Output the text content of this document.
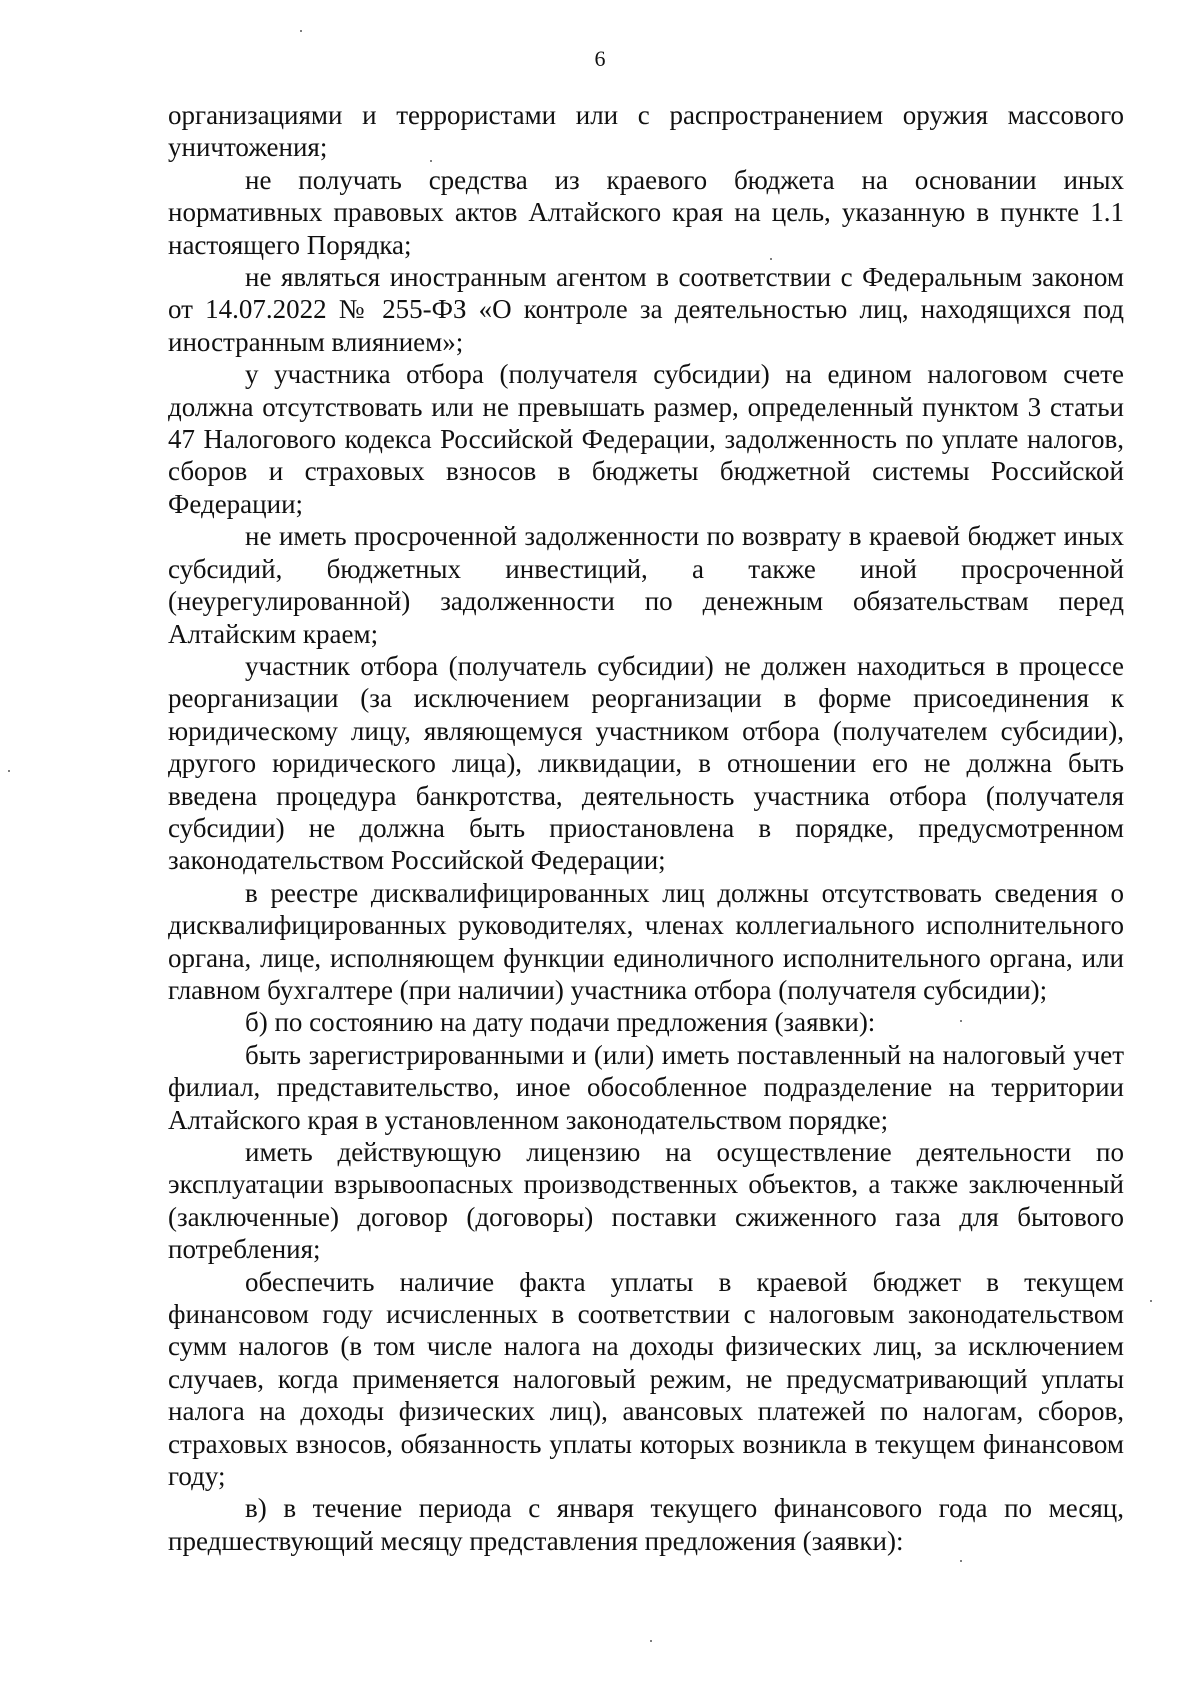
6

организациями и террористами или с распространением оружия массового уничтожения;

не получать средства из краевого бюджета на основании иных нормативных правовых актов Алтайского края на цель, указанную в пункте 1.1 настоящего Порядка;

не являться иностранным агентом в соответствии с Федеральным законом от 14.07.2022 № 255-ФЗ «О контроле за деятельностью лиц, находящихся под иностранным влиянием»;

у участника отбора (получателя субсидии) на едином налоговом счете должна отсутствовать или не превышать размер, определенный пунктом 3 статьи 47 Налогового кодекса Российской Федерации, задолженность по уплате налогов, сборов и страховых взносов в бюджеты бюджетной системы Российской Федерации;

не иметь просроченной задолженности по возврату в краевой бюджет иных субсидий, бюджетных инвестиций, а также иной просроченной (неурегулированной) задолженности по денежным обязательствам перед Алтайским краем;

участник отбора (получатель субсидии) не должен находиться в процессе реорганизации (за исключением реорганизации в форме присоединения к юридическому лицу, являющемуся участником отбора (получателем субсидии), другого юридического лица), ликвидации, в отношении его не должна быть введена процедура банкротства, деятельность участника отбора (получателя субсидии) не должна быть приостановлена в порядке, предусмотренном законодательством Российской Федерации;

в реестре дисквалифицированных лиц должны отсутствовать сведения о дисквалифицированных руководителях, членах коллегиального исполнительного органа, лице, исполняющем функции единоличного исполнительного органа, или главном бухгалтере (при наличии) участника отбора (получателя субсидии);

б) по состоянию на дату подачи предложения (заявки):

быть зарегистрированными и (или) иметь поставленный на налоговый учет филиал, представительство, иное обособленное подразделение на территории Алтайского края в установленном законодательством порядке;

иметь действующую лицензию на осуществление деятельности по эксплуатации взрывоопасных производственных объектов, а также заключенный (заключенные) договор (договоры) поставки сжиженного газа для бытового потребления;

обеспечить наличие факта уплаты в краевой бюджет в текущем финансовом году исчисленных в соответствии с налоговым законодательством сумм налогов (в том числе налога на доходы физических лиц, за исключением случаев, когда применяется налоговый режим, не предусматривающий уплаты налога на доходы физических лиц), авансовых платежей по налогам, сборов, страховых взносов, обязанность уплаты которых возникла в текущем финансовом году;

в) в течение периода с января текущего финансового года по месяц, предшествующий месяцу представления предложения (заявки):
